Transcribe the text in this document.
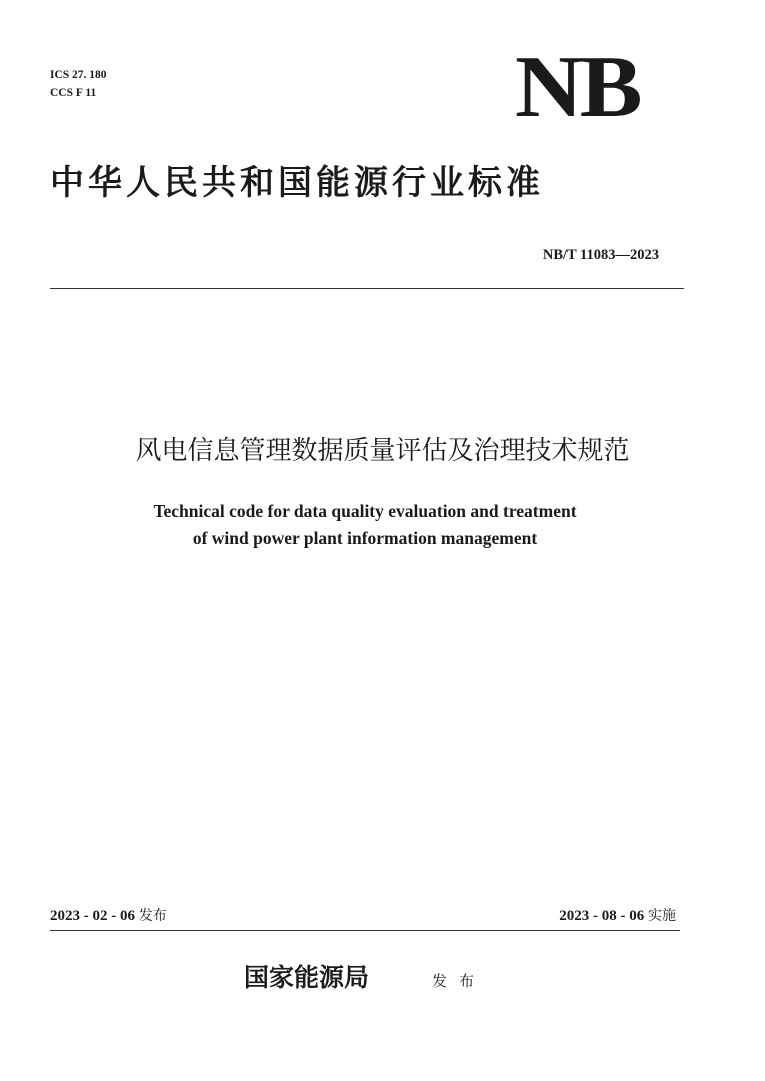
ICS 27. 180
CCS F 11	NB
中华人民共和国能源行业标准
NB/T 11083—2023
风电信息管理数据质量评估及治理技术规范
Technical code for data quality evaluation and treatment
of wind power plant information management
2023 - 02 - 06 发布	2023 - 08 - 06 实施
国家能源局	发布
